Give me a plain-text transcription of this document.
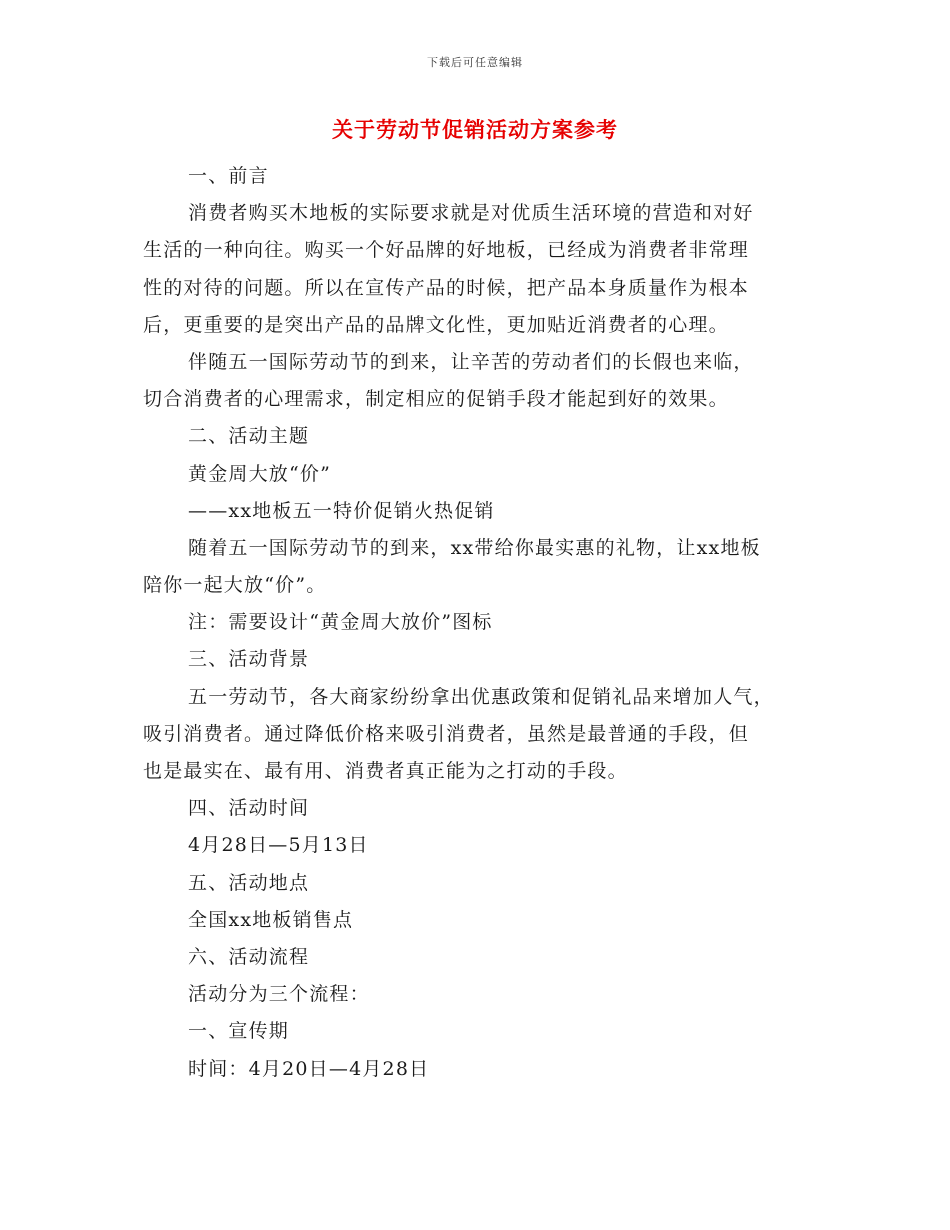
下载后可任意编辑
关于劳动节促销活动方案参考
一、前言
消费者购买木地板的实际要求就是对优质生活环境的营造和对好
生活的一种向往。购买一个好品牌的好地板，已经成为消费者非常理
性的对待的问题。所以在宣传产品的时候，把产品本身质量作为根本
后，更重要的是突出产品的品牌文化性，更加贴近消费者的心理。
伴随五一国际劳动节的到来，让辛苦的劳动者们的长假也来临，
切合消费者的心理需求，制定相应的促销手段才能起到好的效果。
二、活动主题
黄金周大放“价”
——xx地板五一特价促销火热促销
随着五一国际劳动节的到来，xx带给你最实惠的礼物，让xx地板
陪你一起大放“价”。
注：需要设计“黄金周大放价”图标
三、活动背景
五一劳动节，各大商家纷纷拿出优惠政策和促销礼品来增加人气，
吸引消费者。通过降低价格来吸引消费者，虽然是最普通的手段，但
也是最实在、最有用、消费者真正能为之打动的手段。
四、活动时间
4月28日—5月13日
五、活动地点
全国xx地板销售点
六、活动流程
活动分为三个流程：
一、宣传期
时间：4月20日—4月28日
